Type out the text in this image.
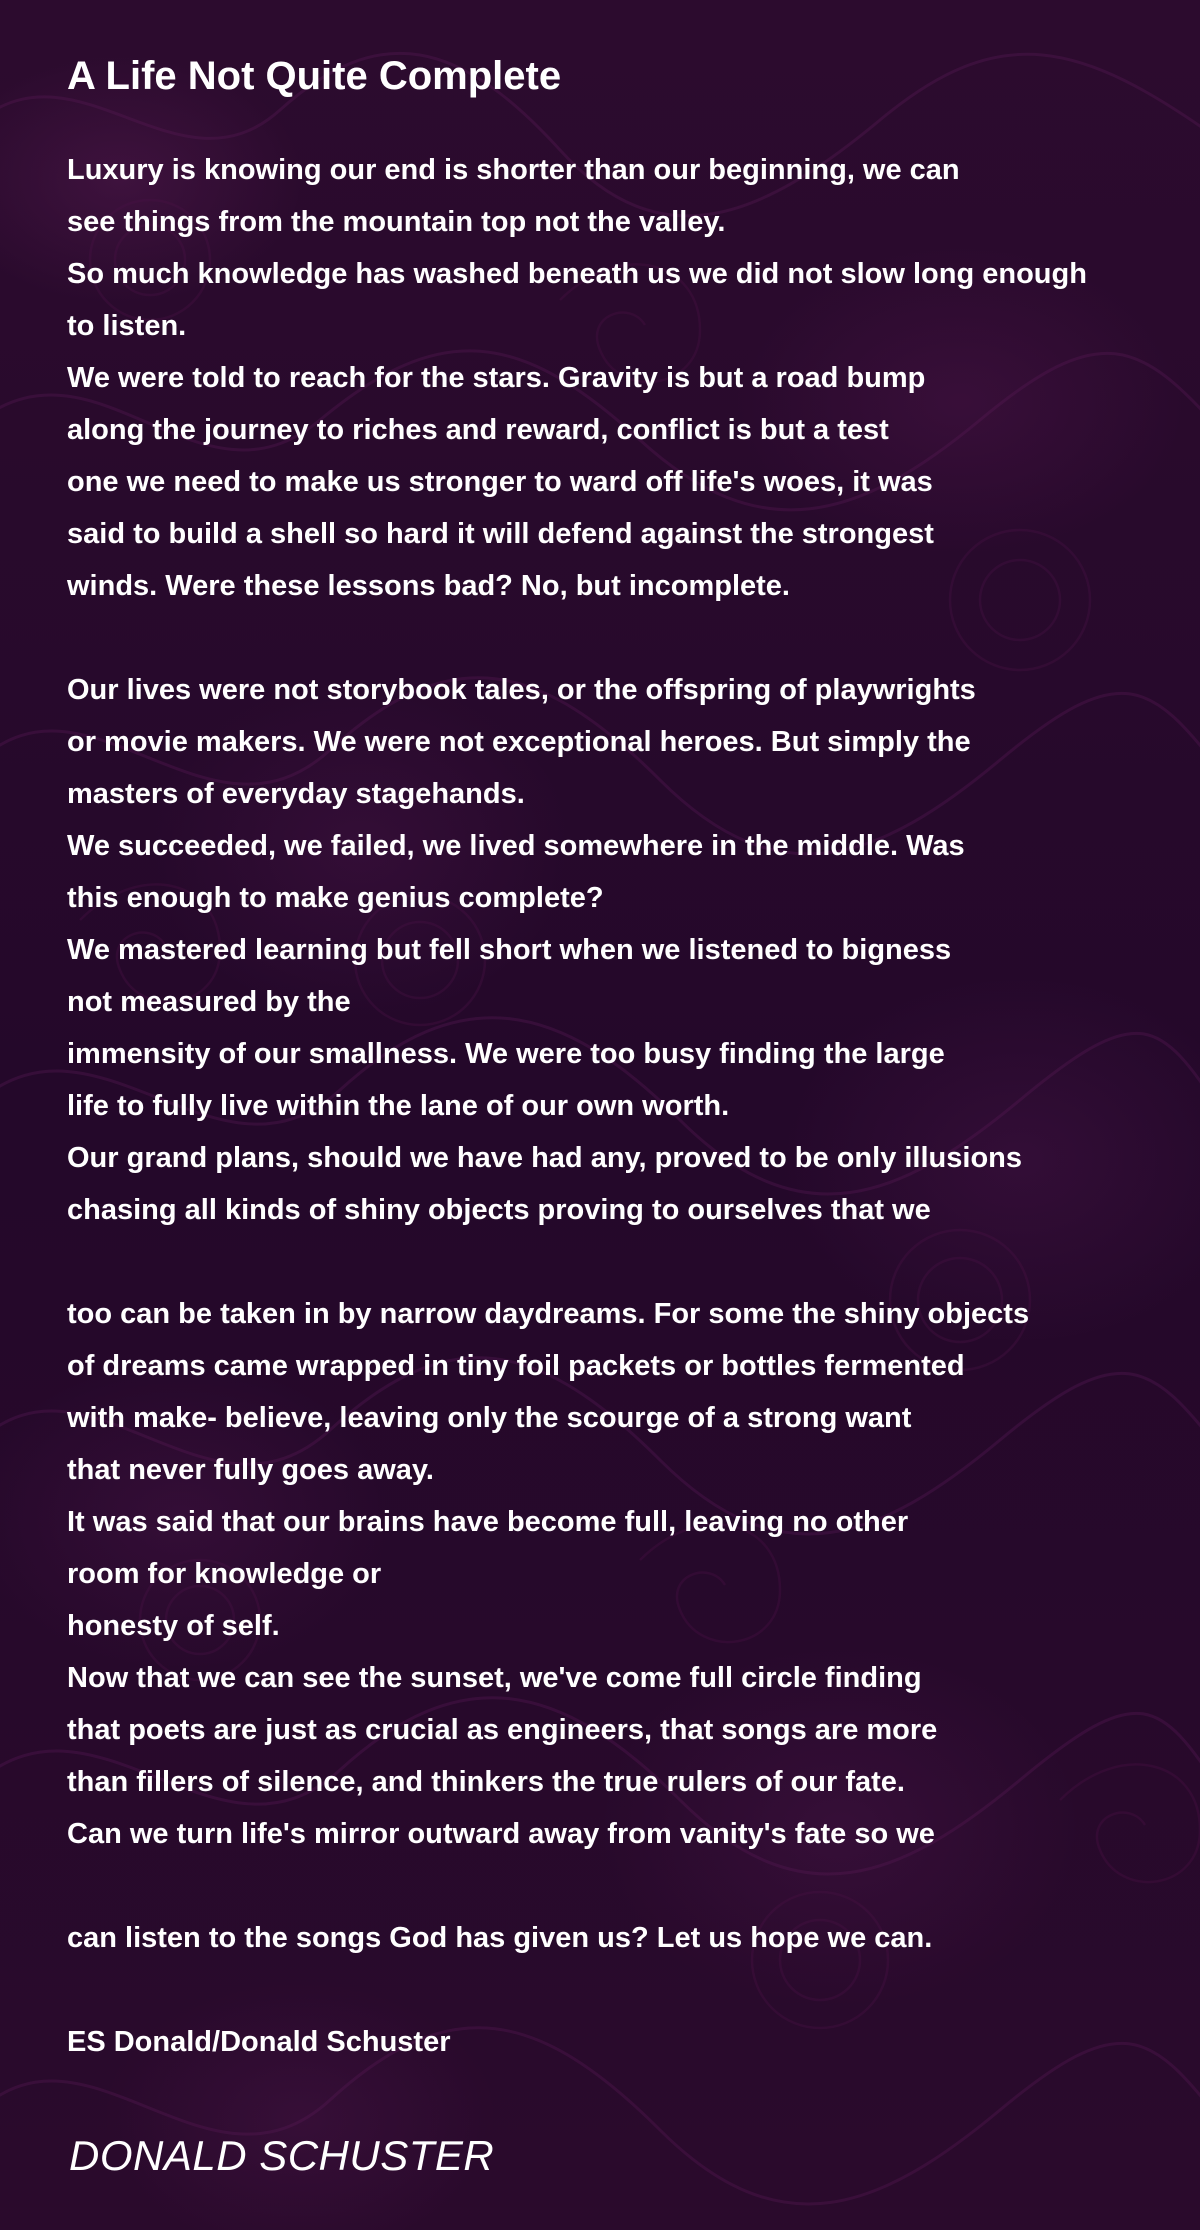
A Life Not Quite Complete
Luxury is knowing our end is shorter than our beginning, we can
see things from the mountain top not the valley.
So much knowledge has washed beneath us we did not slow long enough
to listen.
We were told to reach for the stars. Gravity is but a road bump
along the journey to riches and reward, conflict is but a test
one we need to make us stronger to ward off life's woes, it was
said to build a shell so hard it will defend against the strongest
winds. Were these lessons bad? No, but incomplete.
Our lives were not storybook tales, or the offspring of playwrights
or movie makers. We were not exceptional heroes. But simply the
masters of everyday stagehands.
We succeeded, we failed, we lived somewhere in the middle. Was
this enough to make genius complete?
We mastered learning but fell short when we listened to bigness
not measured by the
immensity of our smallness. We were too busy finding the large
life to fully live within the lane of our own worth.
Our grand plans, should we have had any, proved to be only illusions
chasing all kinds of shiny objects proving to ourselves that we
too can be taken in by narrow daydreams. For some the shiny objects
of dreams came wrapped in tiny foil packets or bottles fermented
with make- believe, leaving only the scourge of a strong want
that never fully goes away.
It was said that our brains have become full, leaving no other
room for knowledge or
honesty of self.
Now that we can see the sunset, we've come full circle finding
that poets are just as crucial as engineers, that songs are more
than fillers of silence, and thinkers the true rulers of our fate.
Can we turn life's mirror outward away from vanity's fate so we
can listen to the songs God has given us? Let us hope we can.
ES Donald/Donald Schuster
DONALD SCHUSTER
